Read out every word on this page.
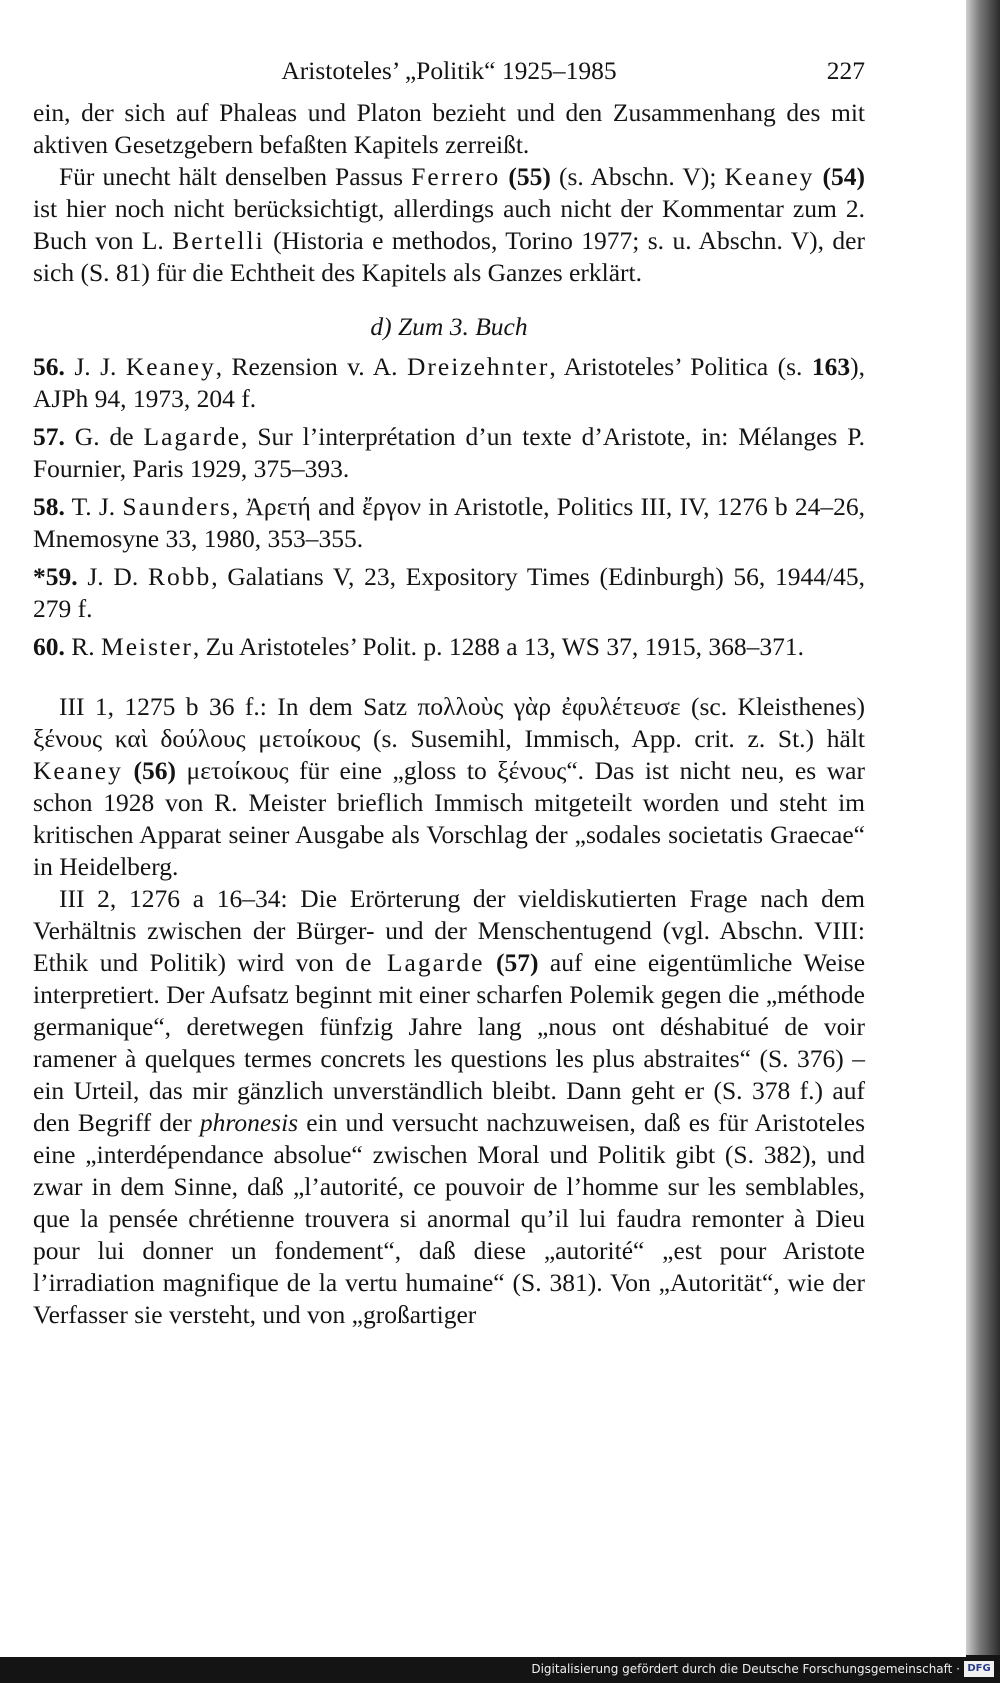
Aristoteles’ „Politik“ 1925–1985	227

ein, der sich auf Phaleas und Platon bezieht und den Zusammenhang des mit aktiven Gesetzgebern befaßten Kapitels zerreißt.

Für unecht hält denselben Passus Ferrero (55) (s. Abschn. V); Keaney (54) ist hier noch nicht berücksichtigt, allerdings auch nicht der Kommentar zum 2. Buch von L. Bertelli (Historia e methodos, Torino 1977; s. u. Abschn. V), der sich (S. 81) für die Echtheit des Kapitels als Ganzes erklärt.

d) Zum 3. Buch

56. J. J. Keaney, Rezension v. A. Dreizehnter, Aristoteles’ Politica (s. 163), AJPh 94, 1973, 204 f.

57. G. de Lagarde, Sur l’interprétation d’un texte d’Aristote, in: Mélanges P. Fournier, Paris 1929, 375–393.

58. T. J. Saunders, Ἀρετή and ἔργον in Aristotle, Politics III, IV, 1276 b 24–26, Mnemosyne 33, 1980, 353–355.

*59. J. D. Robb, Galatians V, 23, Expository Times (Edinburgh) 56, 1944/45, 279 f.

60. R. Meister, Zu Aristoteles’ Polit. p. 1288 a 13, WS 37, 1915, 368–371.

III 1, 1275 b 36 f.: In dem Satz πολλοὺς γὰρ ἐφυλέτευσε (sc. Kleisthenes) ξένους καὶ δούλους μετοίκους (s. Susemihl, Immisch, App. crit. z. St.) hält Keaney (56) μετοίκους für eine „gloss to ξένους“. Das ist nicht neu, es war schon 1928 von R. Meister brieflich Immisch mitgeteilt worden und steht im kritischen Apparat seiner Ausgabe als Vorschlag der „sodales societatis Graecae“ in Heidelberg.

III 2, 1276 a 16–34: Die Erörterung der vieldiskutierten Frage nach dem Verhältnis zwischen der Bürger- und der Menschentugend (vgl. Abschn. VIII: Ethik und Politik) wird von de Lagarde (57) auf eine eigentümliche Weise interpretiert. Der Aufsatz beginnt mit einer scharfen Polemik gegen die „méthode germanique“, deretwegen fünfzig Jahre lang „nous ont déshabitué de voir ramener à quelques termes concrets les questions les plus abstraites“ (S. 376) – ein Urteil, das mir gänzlich unverständlich bleibt. Dann geht er (S. 378 f.) auf den Begriff der phronesis ein und versucht nachzuweisen, daß es für Aristoteles eine „interdépendance absolue“ zwischen Moral und Politik gibt (S. 382), und zwar in dem Sinne, daß „l’autorité, ce pouvoir de l’homme sur les semblables, que la pensée chrétienne trouvera si anormal qu’il lui faudra remonter à Dieu pour lui donner un fondement“, daß diese „autorité“ „est pour Aristote l’irradiation magnifique de la vertu humaine“ (S. 381). Von „Autorität“, wie der Verfasser sie versteht, und von „großartiger

Digitalisierung gefördert durch die Deutsche Forschungsgemeinschaft · DFG
